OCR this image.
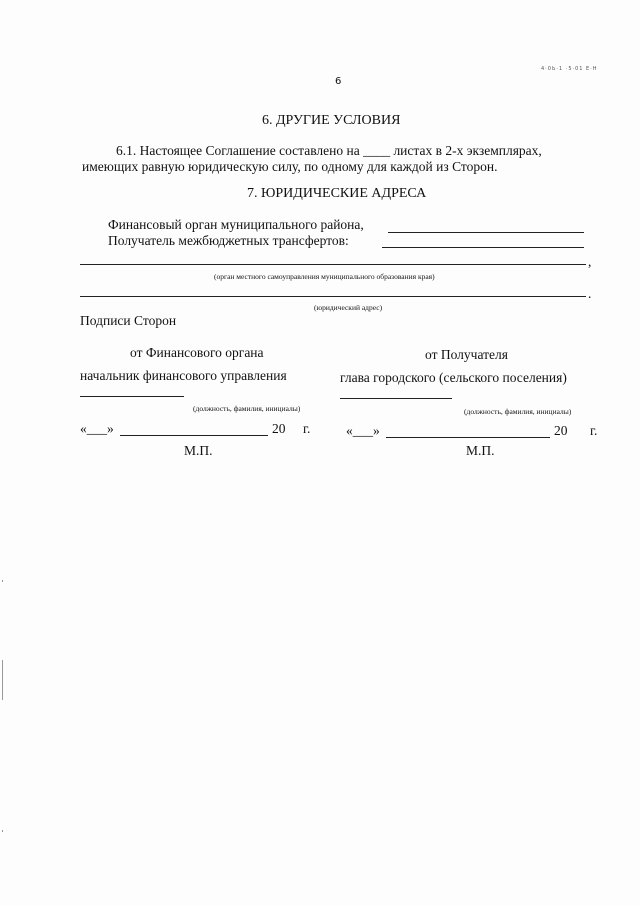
4·0Ь·1 ·5·01 Е·Н
6
6. ДРУГИЕ УСЛОВИЯ
6.1. Настоящее Соглашение составлено на ____ листах в 2-х экземплярах,
имеющих равную юридическую силу, по одному для каждой из Сторон.
7. ЮРИДИЧЕСКИЕ АДРЕСА
Финансовый орган муниципального района,
Получатель межбюджетных трансфертов:
,
(орган местного самоуправления муниципального образования края)
.
(юридический адрес)
Подписи Сторон
от Финансового органа
начальник финансового управления
(должность, фамилия, инициалы)
«___»	20 г.
М.П.
от Получателя
глава городского (сельского поселения)
(должность, фамилия, инициалы)
«___»	20 г.
М.П.
